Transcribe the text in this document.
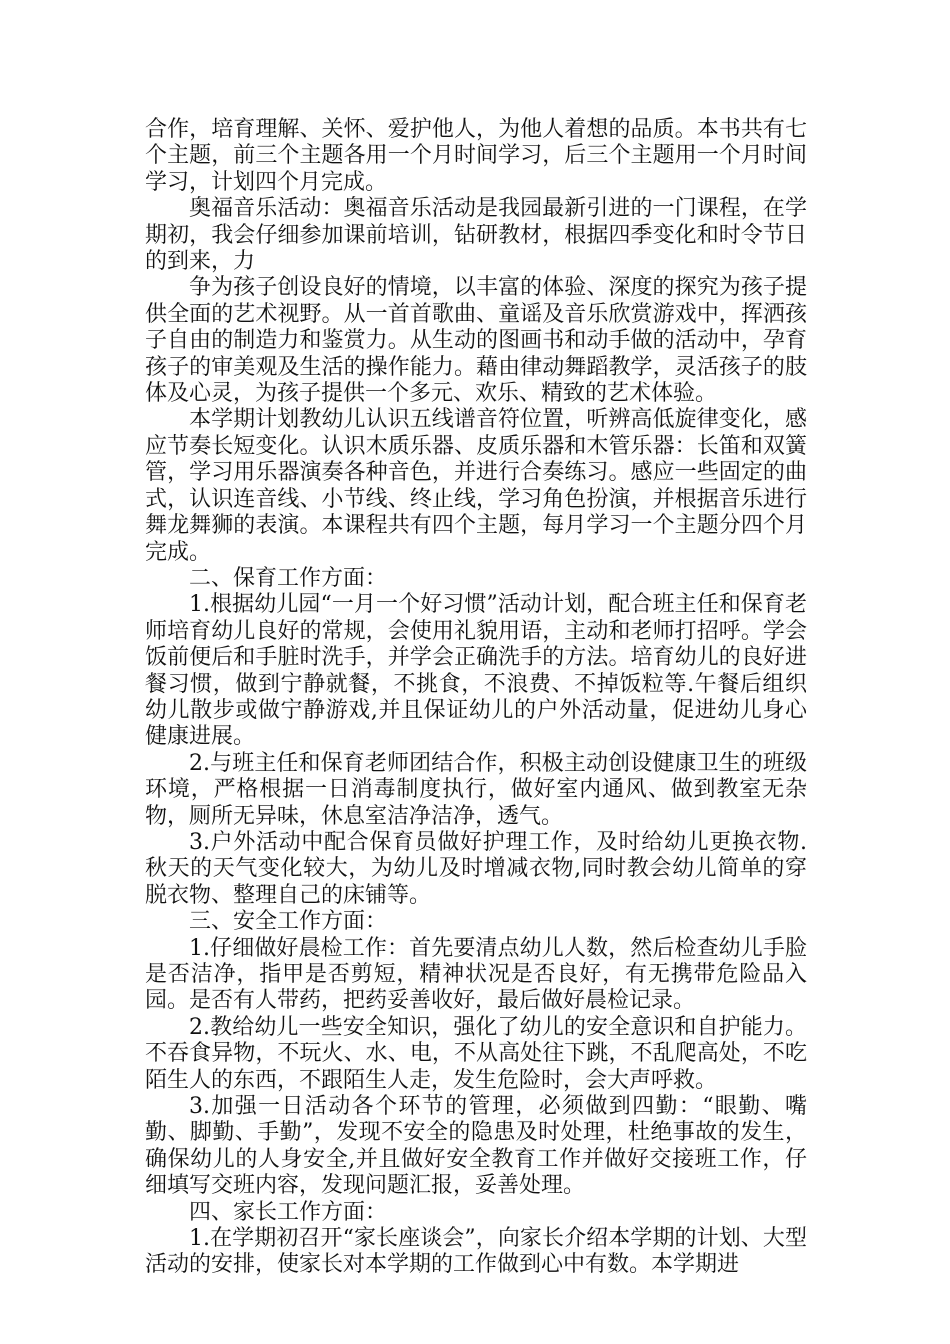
合作，培育理解、关怀、爱护他人，为他人着想的品质。本书共有七个主题，前三个主题各用一个月时间学习，后三个主题用一个月时间学习，计划四个月完成。

奥福音乐活动：奥福音乐活动是我园最新引进的一门课程，在学期初，我会仔细参加课前培训，钻研教材，根据四季变化和时令节日的到来，力

争为孩子创设良好的情境，以丰富的体验、深度的探究为孩子提供全面的艺术视野。从一首首歌曲、童谣及音乐欣赏游戏中，挥洒孩子自由的制造力和鉴赏力。从生动的图画书和动手做的活动中，孕育孩子的审美观及生活的操作能力。藉由律动舞蹈教学，灵活孩子的肢体及心灵，为孩子提供一个多元、欢乐、精致的艺术体验。

本学期计划教幼儿认识五线谱音符位置，听辨高低旋律变化，感应节奏长短变化。认识木质乐器、皮质乐器和木管乐器：长笛和双簧管，学习用乐器演奏各种音色，并进行合奏练习。感应一些固定的曲式，认识连音线、小节线、终止线，学习角色扮演，并根据音乐进行舞龙舞狮的表演。本课程共有四个主题，每月学习一个主题分四个月完成。

二、保育工作方面：

1.根据幼儿园“一月一个好习惯”活动计划，配合班主任和保育老师培育幼儿良好的常规，会使用礼貌用语，主动和老师打招呼。学会饭前便后和手脏时洗手，并学会正确洗手的方法。培育幼儿的良好进餐习惯，做到宁静就餐，不挑食，不浪费、不掉饭粒等.午餐后组织幼儿散步或做宁静游戏,并且保证幼儿的户外活动量，促进幼儿身心健康进展。

2.与班主任和保育老师团结合作，积极主动创设健康卫生的班级环境，严格根据一日消毒制度执行，做好室内通风、做到教室无杂物，厕所无异味，休息室洁净洁净，透气。

3.户外活动中配合保育员做好护理工作，及时给幼儿更换衣物.秋天的天气变化较大，为幼儿及时增减衣物,同时教会幼儿简单的穿脱衣物、整理自己的床铺等。

三、安全工作方面：

1.仔细做好晨检工作：首先要清点幼儿人数，然后检查幼儿手脸是否洁净，指甲是否剪短，精神状况是否良好，有无携带危险品入园。是否有人带药，把药妥善收好，最后做好晨检记录。

2.教给幼儿一些安全知识，强化了幼儿的安全意识和自护能力。不吞食异物，不玩火、水、电，不从高处往下跳，不乱爬高处，不吃陌生人的东西，不跟陌生人走，发生危险时，会大声呼救。

3.加强一日活动各个环节的管理，必须做到四勤：“眼勤、嘴勤、脚勤、手勤”，发现不安全的隐患及时处理，杜绝事故的发生，确保幼儿的人身安全,并且做好安全教育工作并做好交接班工作，仔细填写交班内容，发现问题汇报，妥善处理。

四、家长工作方面：

1.在学期初召开“家长座谈会”，向家长介绍本学期的计划、大型活动的安排，使家长对本学期的工作做到心中有数。本学期进
